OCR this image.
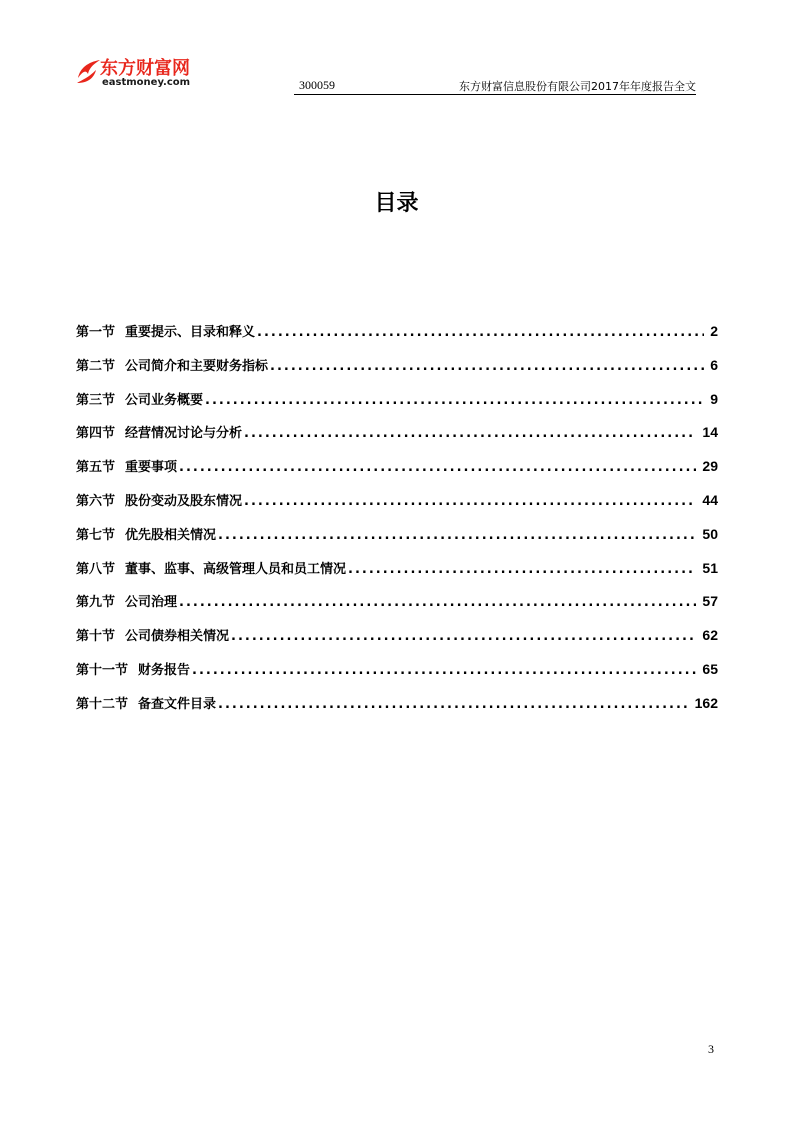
东方财富网
eastmoney.com	300059	东方财富信息股份有限公司2017年年度报告全文
目录
第一节 重要提示、目录和释义 .....	2
第二节 公司简介和主要财务指标 .....	6
第三节 公司业务概要 .....	9
第四节 经营情况讨论与分析 .....	14
第五节 重要事项 .....	29
第六节 股份变动及股东情况 .....	44
第七节 优先股相关情况 .....	50
第八节 董事、监事、高级管理人员和员工情况 .....	51
第九节 公司治理 .....	57
第十节 公司债券相关情况 .....	62
第十一节 财务报告 .....	65
第十二节 备查文件目录 .....	162
3
